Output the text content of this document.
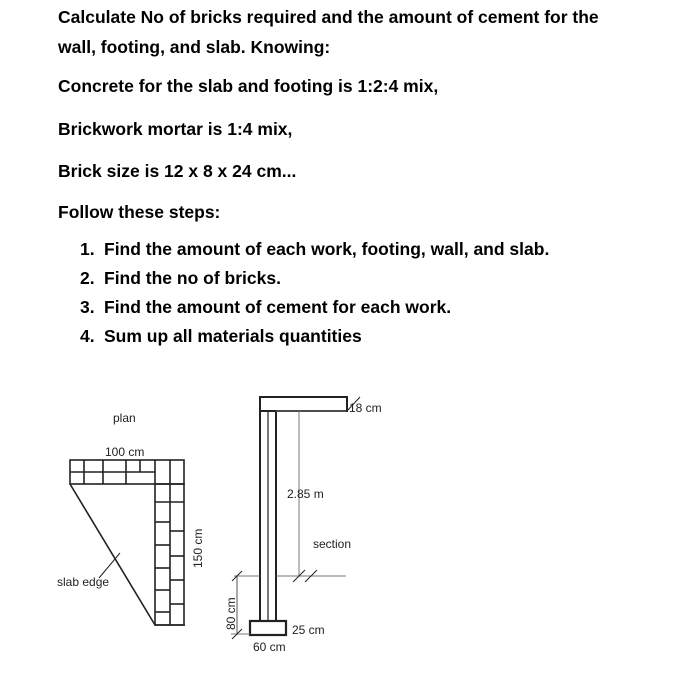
Calculate No of bricks required and the amount of cement for the
wall, footing, and slab. Knowing:
Concrete for the slab and footing is 1:2:4 mix,
Brickwork mortar is 1:4 mix,
Brick size is 12 x 8 x 24 cm...
Follow these steps:
1. Find the amount of each work, footing, wall, and slab.
2. Find the no of bricks.
3. Find the amount of cement for each work.
4. Sum up all materials quantities
plan
100 cm
slab edge
150 cm
18 cm
2.85 m
section
25 cm
60 cm
80 cm
